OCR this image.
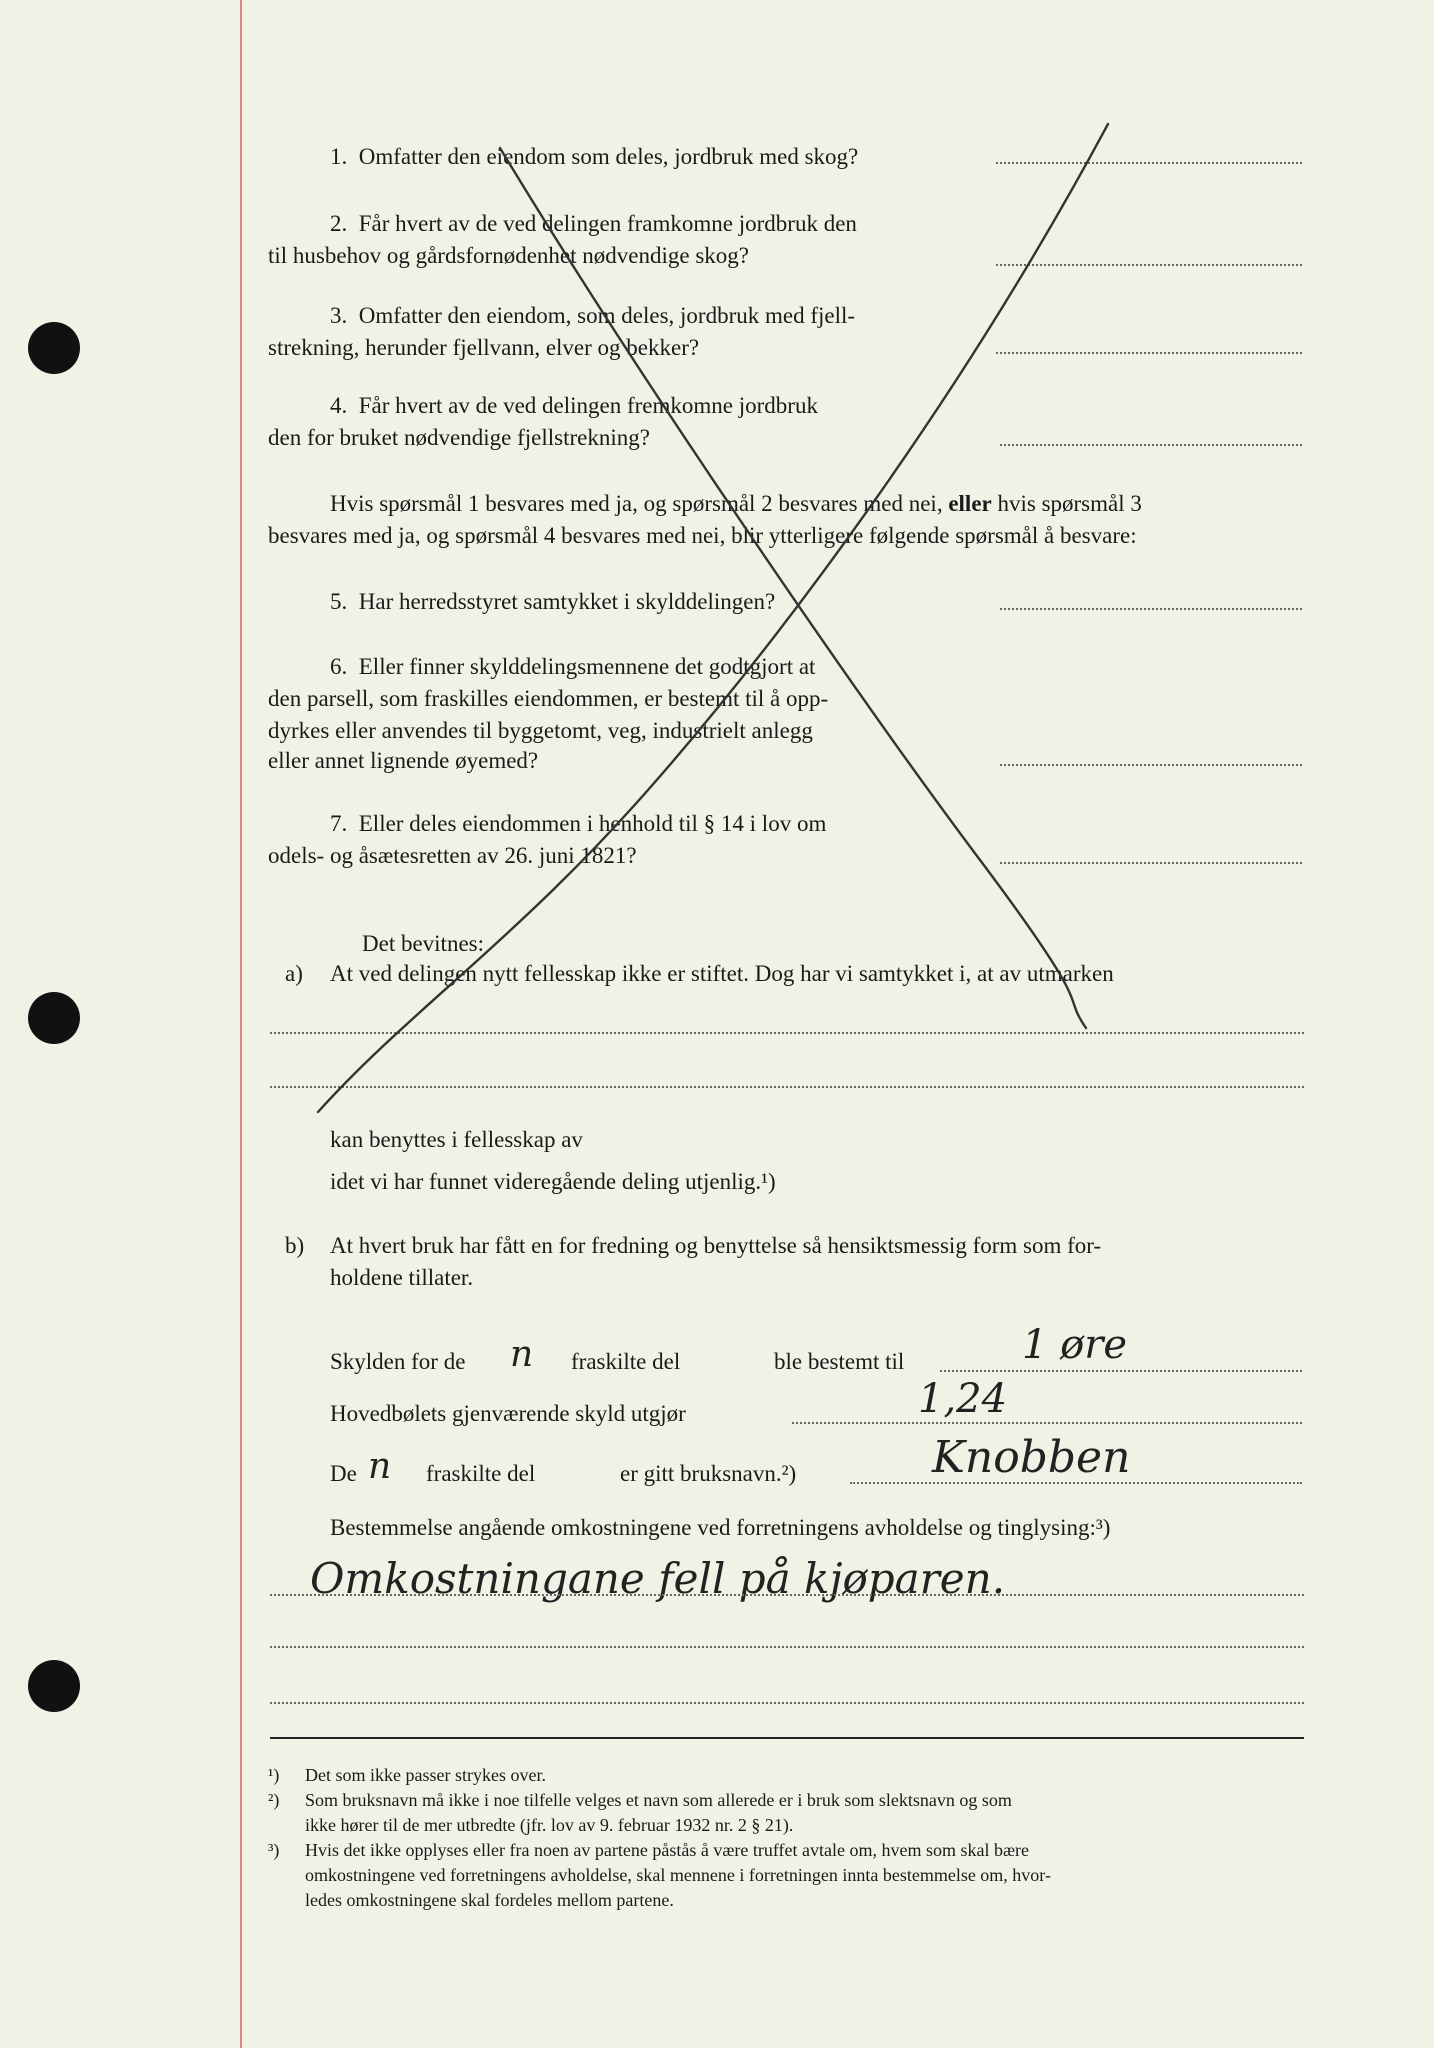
1. Omfatter den eiendom som deles, jordbruk med skog?
2. Får hvert av de ved delingen framkomne jordbruk den
til husbehov og gårdsfornødenhet nødvendige skog?
3. Omfatter den eiendom, som deles, jordbruk med fjell-
strekning, herunder fjellvann, elver og bekker?
4. Får hvert av de ved delingen fremkomne jordbruk
den for bruket nødvendige fjellstrekning?
Hvis spørsmål 1 besvares med ja, og spørsmål 2 besvares med nei, eller hvis spørsmål 3
besvares med ja, og spørsmål 4 besvares med nei, blir ytterligere følgende spørsmål å besvare:
5. Har herredsstyret samtykket i skylddelingen?
6. Eller finner skylddelingsmennene det godtgjort at
den parsell, som fraskilles eiendommen, er bestemt til å opp-
dyrkes eller anvendes til byggetomt, veg, industrielt anlegg
eller annet lignende øyemed?
7. Eller deles eiendommen i henhold til § 14 i lov om
odels- og åsætesretten av 26. juni 1821?
Det bevitnes:
a) At ved delingen nytt fellesskap ikke er stiftet. Dog har vi samtykket i, at av utmarken
kan benyttes i fellesskap av
idet vi har funnet videregående deling utjenlig.¹)
b) At hvert bruk har fått en for fredning og benyttelse så hensiktsmessig form som for-
holdene tillater.
Skylden for de n fraskilte del	ble bestemt til	1 øre
Hovedbølets gjenværende skyld utgjør	1,24
De n fraskilte del	er gitt bruksnavn.²)	Knobben
Bestemmelse angående omkostningene ved forretningens avholdelse og tinglysing:³)
Omkostningane fell på kjøparen.
¹) Det som ikke passer strykes over.
²) Som bruksnavn må ikke i noe tilfelle velges et navn som allerede er i bruk som slektsnavn og som
ikke hører til de mer utbredte (jfr. lov av 9. februar 1932 nr. 2 § 21).
³) Hvis det ikke opplyses eller fra noen av partene påstås å være truffet avtale om, hvem som skal bære
omkostningene ved forretningens avholdelse, skal mennene i forretningen innta bestemmelse om, hvor-
ledes omkostningene skal fordeles mellom partene.
